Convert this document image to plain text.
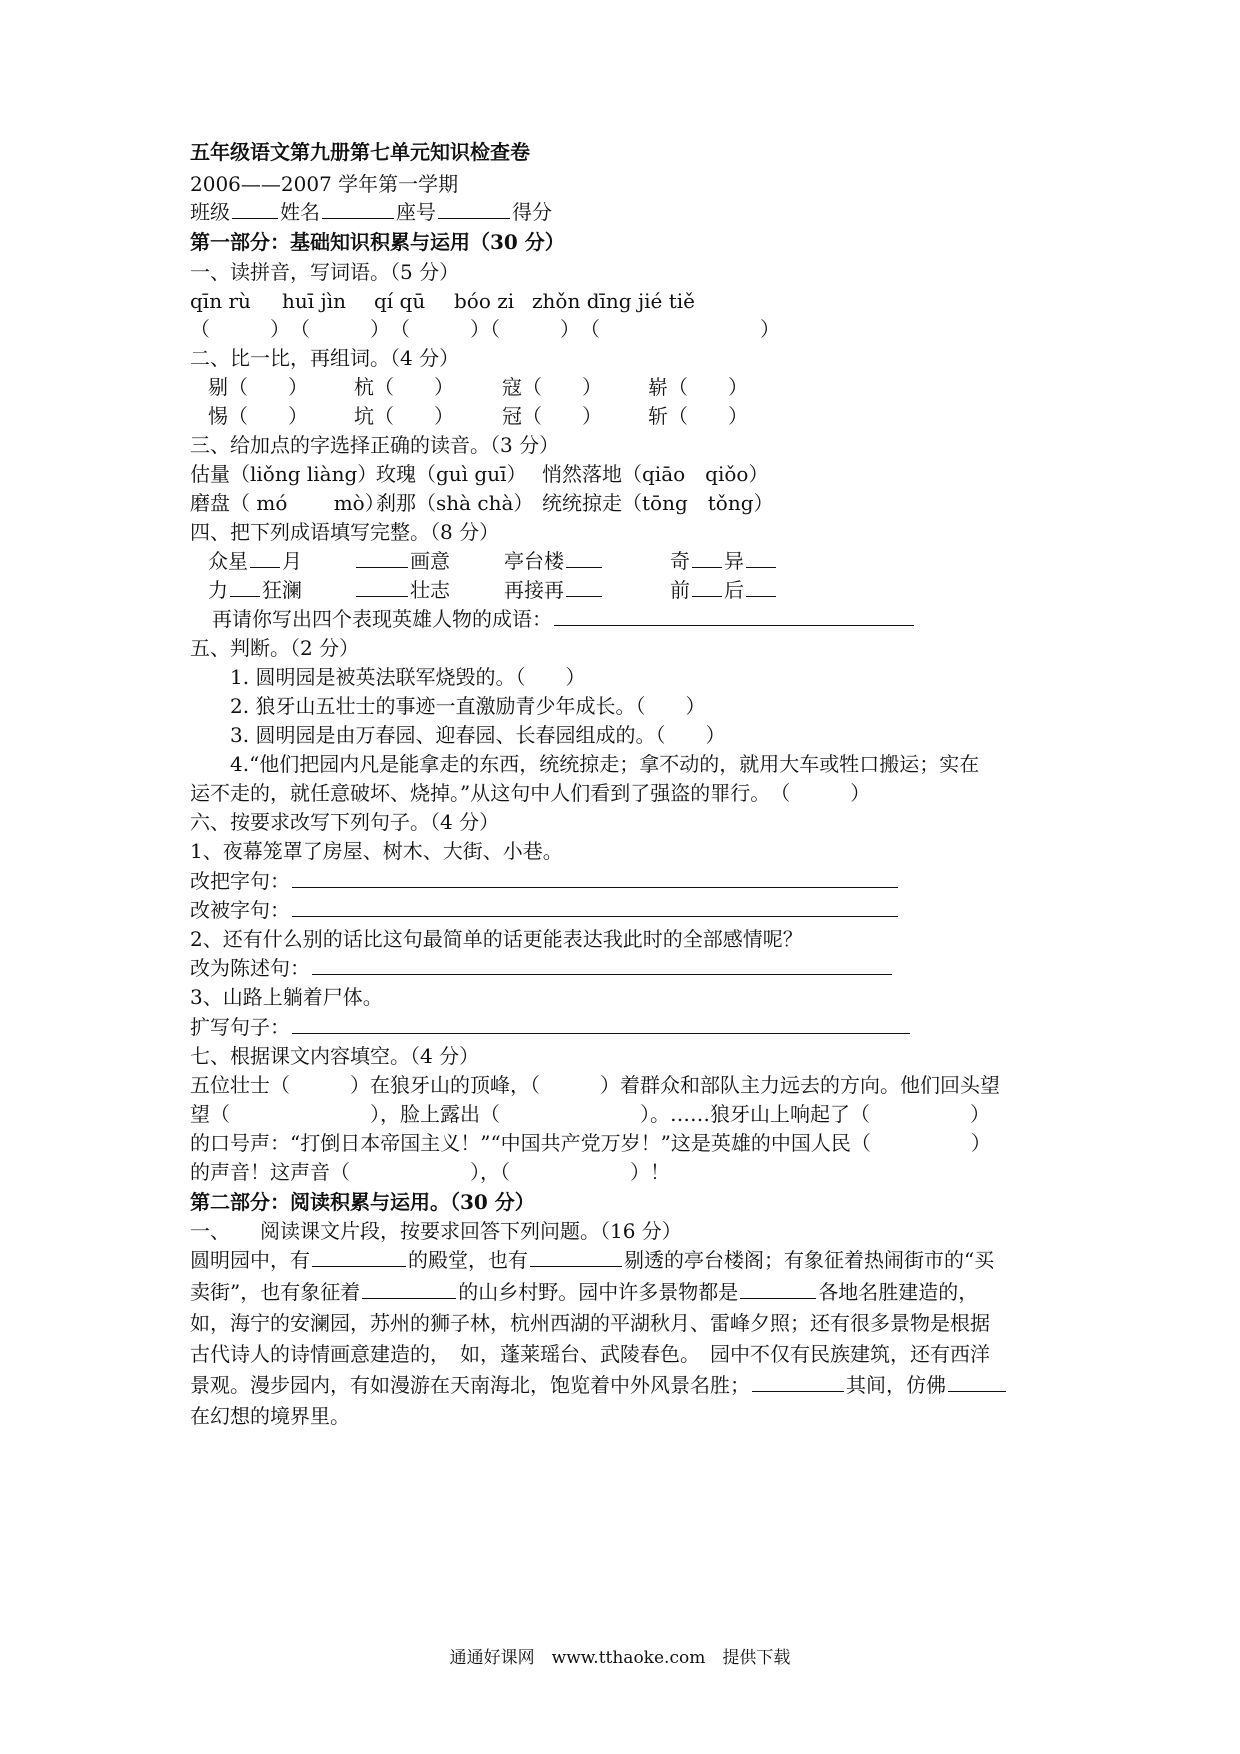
五年级语文第九册第七单元知识检查卷
2006——2007 学年第一学期
班级	姓名	座号	得分
第一部分：基础知识积累与运用（30 分）
一、读拼音，写词语。（5 分）
qīn rù huī jìn qí qū bóo zi zhǒn dīng jié tiě
（　　　）　（　　　）　（　　　）（　　　）　（　　　　　　　　）
二、比一比，再组词。（4 分）
剔（　　） 杭（　　） 寇（　　） 崭（　　）
惕（　　） 坑（　　） 冠（　　） 斩（　　）
三、给加点的字选择正确的读音。（3 分）
估量（liǒng liàng）玫瑰（guì guī） 悄然落地（qiāo　qiǒo）
磨盘（ mó　　 mò）刹那（shà chà） 统统掠走（tōng　tǒng）
四、把下列成语填写完整。（8 分）
众星 月	画意	亭台楼	奇 异
力 狂澜	壮志	再接再	前 后
再请你写出四个表现英雄人物的成语：
五、判断。（2 分）
1. 圆明园是被英法联军烧毁的。（　　）
2. 狼牙山五壮士的事迹一直激励青少年成长。（　　）
3. 圆明园是由万春园、迎春园、长春园组成的。（　　）
4.“他们把园内凡是能拿走的东西，统统掠走；拿不动的，就用大车或牲口搬运；实在
运不走的，就任意破坏、烧掉。”从这句中人们看到了强盗的罪行。　（　　　）
六、按要求改写下列句子。（4 分）
1、夜幕笼罩了房屋、树木、大街、小巷。
改把字句：
改被字句：
2、还有什么别的话比这句最简单的话更能表达我此时的全部感情呢？
改为陈述句：
3、山路上躺着尸体。
扩写句子：
七、根据课文内容填空。（4 分）
五位壮士（　　　）在狼牙山的顶峰，（　　　）着群众和部队主力远去的方向。他们回头望
望（　　　　　　　），脸上露出（　　　　　　　）。……狼牙山上响起了（　　　　　）
的口号声：“打倒日本帝国主义！”“中国共产党万岁！”这是英雄的中国人民（　　　　　）
的声音！这声音（　　　　　　），（　　　　　　）！
第二部分：阅读积累与运用。（30 分）
一、　　阅读课文片段，按要求回答下列问题。（16 分）
圆明园中，有	的殿堂，也有	剔透的亭台楼阁；有象征着热闹街市的“买
卖街”，也有象征着	的山乡村野。园中许多景物都是	各地名胜建造的，
如，海宁的安澜园，苏州的狮子林，杭州西湖的平湖秋月、雷峰夕照；还有很多景物是根据
古代诗人的诗情画意建造的，　如，蓬莱瑶台、武陵春色。　园中不仅有民族建筑，还有西洋
景观。漫步园内，有如漫游在天南海北，饱览着中外风景名胜；	其间，仿佛
在幻想的境界里。
通通好课网　www.tthaoke.com　提供下载
